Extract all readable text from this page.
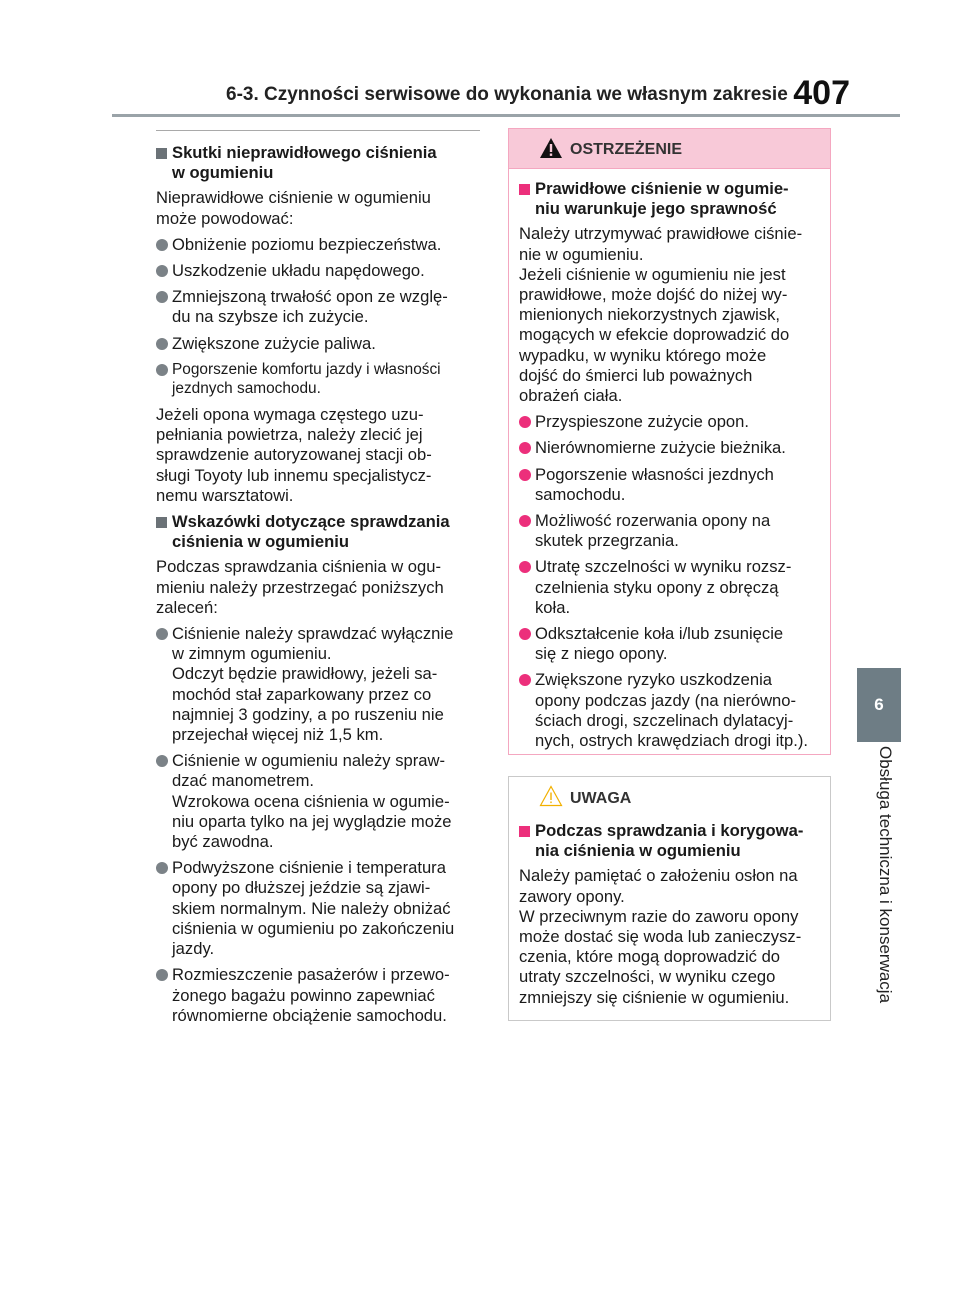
6-3. Czynności serwisowe do wykonania we własnym zakresie 407
6
Obsługa techniczna i konserwacja
Skutki nieprawidłowego ciśnienia
w ogumieniu
Nieprawidłowe ciśnienie w ogumieniu
może powodować:
Obniżenie poziomu bezpieczeństwa.
Uszkodzenie układu napędowego.
Zmniejszoną trwałość opon ze wzglę-
du na szybsze ich zużycie.
Zwiększone zużycie paliwa.
Pogorszenie komfortu jazdy i własności
jezdnych samochodu.
Jeżeli opona wymaga częstego uzu-
pełniania powietrza, należy zlecić jej
sprawdzenie autoryzowanej stacji ob-
sługi Toyoty lub innemu specjalistycz-
nemu warsztatowi.
Wskazówki dotyczące sprawdzania
ciśnienia w ogumieniu
Podczas sprawdzania ciśnienia w ogu-
mieniu należy przestrzegać poniższych
zaleceń:
Ciśnienie należy sprawdzać wyłącznie
w zimnym ogumieniu.
Odczyt będzie prawidłowy, jeżeli sa-
mochód stał zaparkowany przez co
najmniej 3 godziny, a po ruszeniu nie
przejechał więcej niż 1,5 km.
Ciśnienie w ogumieniu należy spraw-
dzać manometrem.
Wzrokowa ocena ciśnienia w ogumie-
niu oparta tylko na jej wyglądzie może
być zawodna.
Podwyższone ciśnienie i temperatura
opony po dłuższej jeździe są zjawi-
skiem normalnym. Nie należy obniżać
ciśnienia w ogumieniu po zakończeniu
jazdy.
Rozmieszczenie pasażerów i przewo-
żonego bagażu powinno zapewniać
równomierne obciążenie samochodu.
OSTRZEŻENIE
Prawidłowe ciśnienie w ogumie-
niu warunkuje jego sprawność
Należy utrzymywać prawidłowe ciśnie-
nie w ogumieniu.
Jeżeli ciśnienie w ogumieniu nie jest
prawidłowe, może dojść do niżej wy-
mienionych niekorzystnych zjawisk,
mogących w efekcie doprowadzić do
wypadku, w wyniku którego może
dojść do śmierci lub poważnych
obrażeń ciała.
Przyspieszone zużycie opon.
Nierównomierne zużycie bieżnika.
Pogorszenie własności jezdnych
samochodu.
Możliwość rozerwania opony na
skutek przegrzania.
Utratę szczelności w wyniku rozsz-
czelnienia styku opony z obręczą
koła.
Odkształcenie koła i/lub zsunięcie
się z niego opony.
Zwiększone ryzyko uszkodzenia
opony podczas jazdy (na nierówno-
ściach drogi, szczelinach dylatacyj-
nych, ostrych krawędziach drogi itp.).
UWAGA
Podczas sprawdzania i korygowa-
nia ciśnienia w ogumieniu
Należy pamiętać o założeniu osłon na
zawory opony.
W przeciwnym razie do zaworu opony
może dostać się woda lub zanieczysz-
czenia, które mogą doprowadzić do
utraty szczelności, w wyniku czego
zmniejszy się ciśnienie w ogumieniu.
